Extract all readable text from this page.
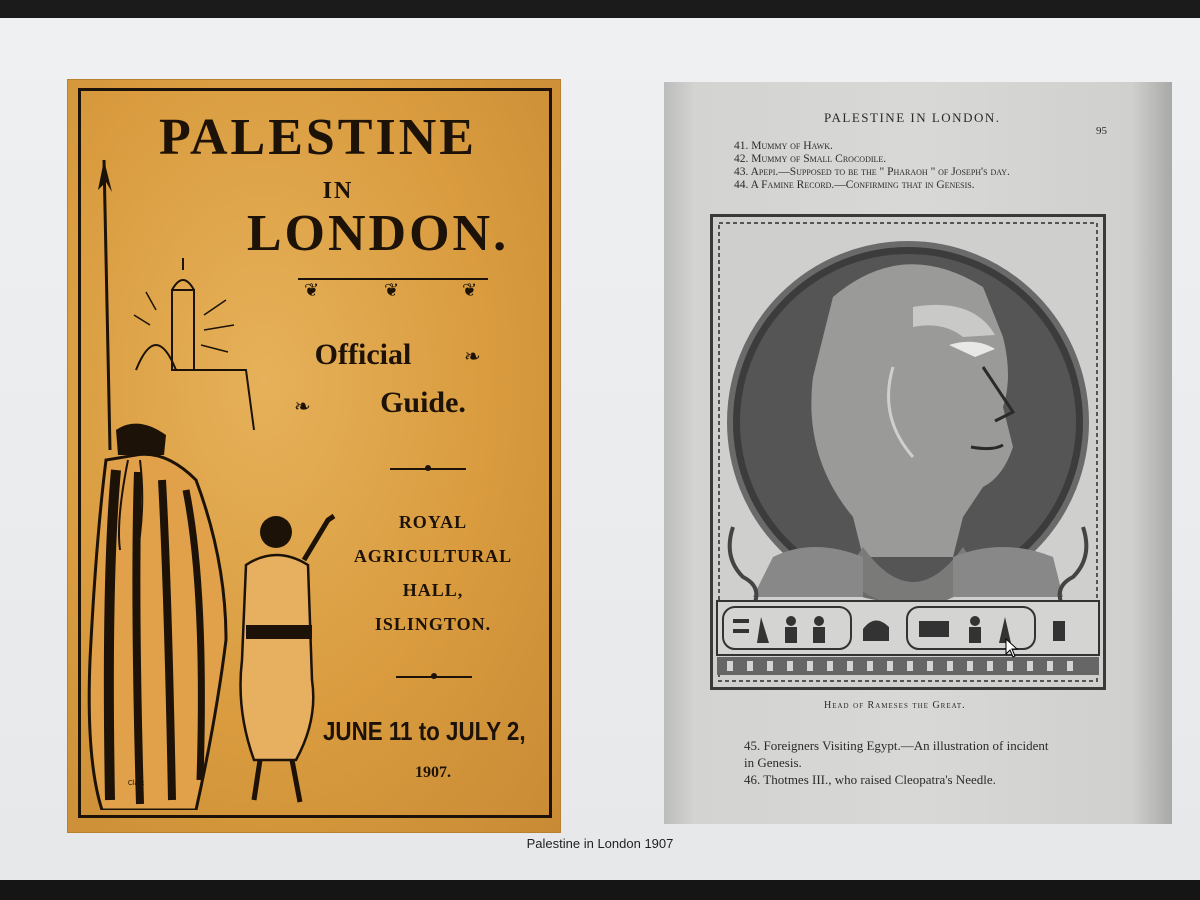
PALESTINE
IN
LONDON.
❦	❦	❦
Official	❧
❧	Guide.
ROYAL
AGRICULTURAL
HALL,
ISLINGTON.
JUNE 11 to JULY 2,
1907.
Clark
PALESTINE IN LONDON.
95
41. Mummy of Hawk.
42. Mummy of Small Crocodile.
43. Apepi.—Supposed to be the " Pharaoh " of Joseph's day.
44. A Famine Record.—Confirming that in Genesis.
Head of Rameses the Great.
45. Foreigners Visiting Egypt.—An illustration of incident
in Genesis.
46. Thotmes III., who raised Cleopatra's Needle.
Palestine in London 1907
